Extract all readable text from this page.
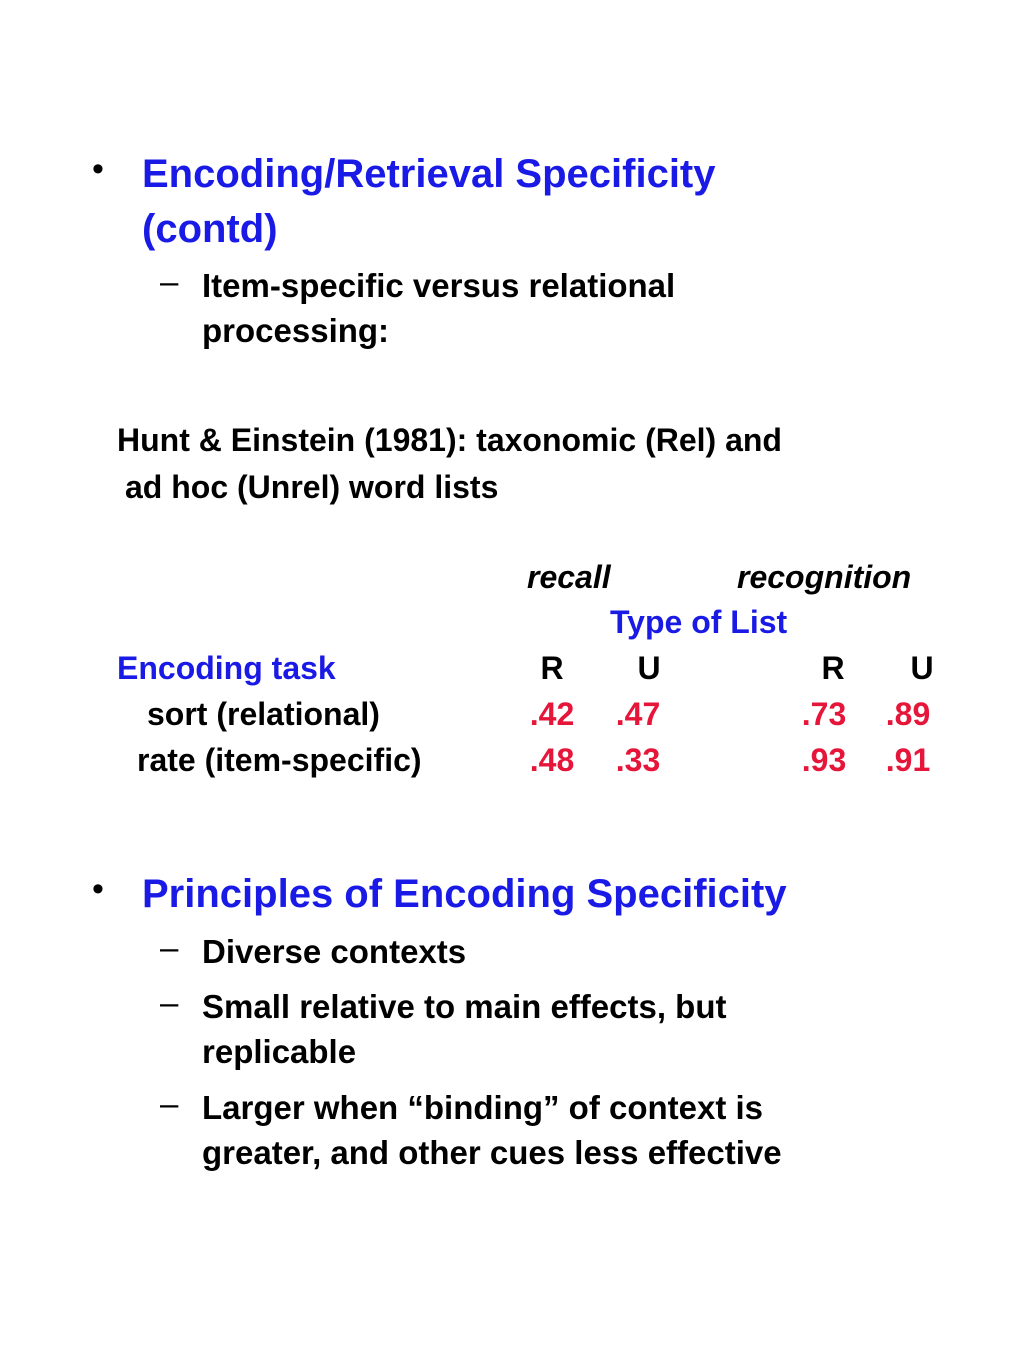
• Encoding/Retrieval Specificity
(contd)
– Item-specific versus relational
processing:
Hunt & Einstein (1981): taxonomic (Rel) and
ad hoc (Unrel) word lists
recall	recognition
Type of List
Encoding task	R	U	R	U
sort (relational)	.42	.47	.73	.89
rate (item-specific)	.48	.33	.93	.91
• Principles of Encoding Specificity
– Diverse contexts
– Small relative to main effects, but
replicable
– Larger when “binding” of context is
greater, and other cues less effective
